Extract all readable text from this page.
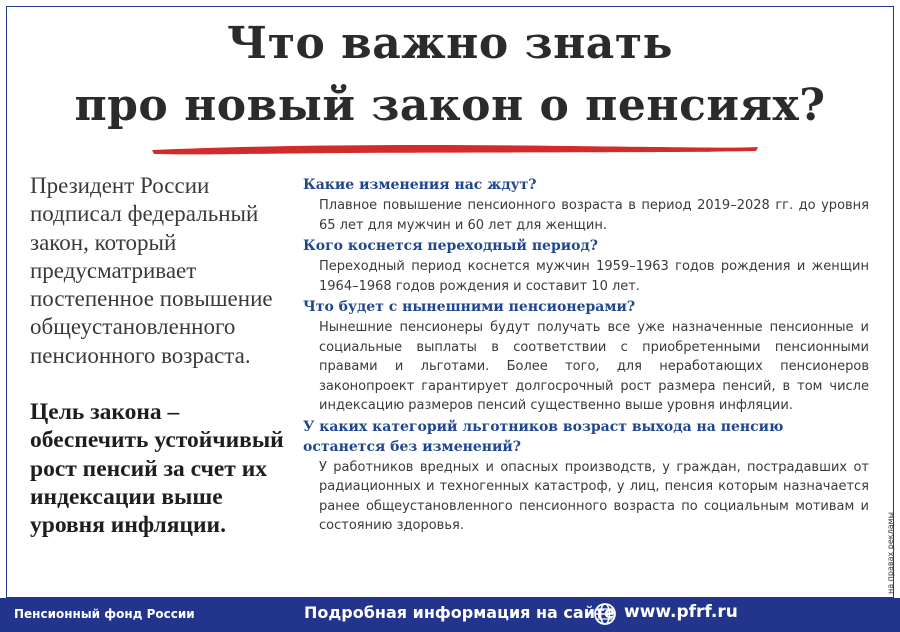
Что важно знать
про новый закон о пенсиях?

Президент России подписал федеральный закон, который предусматривает постепенное повышение общеустановленного пенсионного возраста.

Цель закона – обеспечить устойчивый рост пенсий за счет их индексации выше уровня инфляции.

Какие изменения нас ждут?

Плавное повышение пенсионного возраста в период 2019–2028 гг. до уровня 65 лет для мужчин и 60 лет для женщин.

Кого коснется переходный период?

Переходный период коснется мужчин 1959–1963 годов рождения и женщин 1964–1968 годов рождения и составит 10 лет.

Что будет с нынешними пенсионерами?

Нынешние пенсионеры будут получать все уже назначенные пенсионные и социальные выплаты в соответствии с приобретенными пенсионными правами и льготами. Более того, для неработающих пенсионеров законопроект гарантирует долгосрочный рост размера пенсий, в том числе индексацию размеров пенсий существенно выше уровня инфляции.

У каких категорий льготников возраст выхода на пенсию останется без изменений?

У работников вредных и опасных производств, у граждан, пострадавших от радиационных и техногенных катастроф, у лиц, пенсия которым назначается ранее общеустановленного пенсионного возраста по социальным мотивам и состоянию здоровья.	на правах рекламы
Пенсионный фонд России	Подробная информация на сайте www.pfrf.ru
